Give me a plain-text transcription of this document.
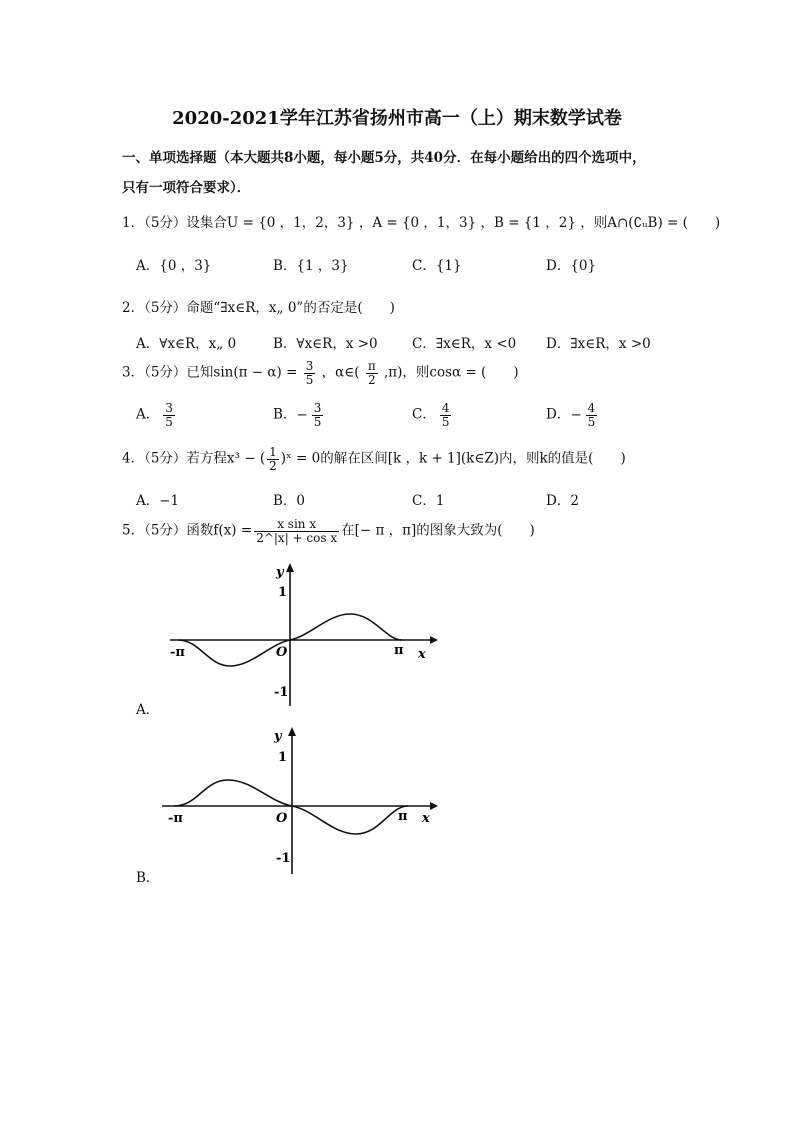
2020-2021学年江苏省扬州市高一（上）期末数学试卷
一、单项选择题（本大题共8小题，每小题5分，共40分．在每小题给出的四个选项中，
只有一项符合要求）．
1．（5分）设集合U = {0 ，1，2，3} ，A = {0 ，1，3} ，B = {1 ，2} ，则A∩(∁ᵤB) = (　　)
A．{0 ，3}	B．{1 ，3}	C．{1}	D．{0}
2．（5分）命题“∃x∈R，x„ 0”的否定是(　　)
A．∀x∈R，x„ 0	B．∀x∈R，x >0	C．∃x∈R，x <0 D．∃x∈R，x >0
3．（5分）已知$\sin(\pi - \alpha) = \frac{3}{5}$ ，α∈( $\frac{\pi}{2} ,\pi$)，则cosα = (　　)
A． $\frac{3}{5}$	B．− $\frac{3}{5}$	C． $\frac{4}{5}$	D．− $\frac{4}{5}$
4．（5分）若方程x³ − ( $\frac{1}{2}$ )ˣ = 0的解在区间[k ，k + 1](k∈Z)内，则k的值是(　　)
A．−1	B．0	C．1	D．2
5．（5分）函数$f(x) = \frac{\text{x sin x}}{\text{2\textasciicircum{}|x| + cos x}}$ 在[− π ，π]的图象大致为(　　)
y
1
-1
O
-π	π x
A．
y
1
-1
O
-π	π x
B．
